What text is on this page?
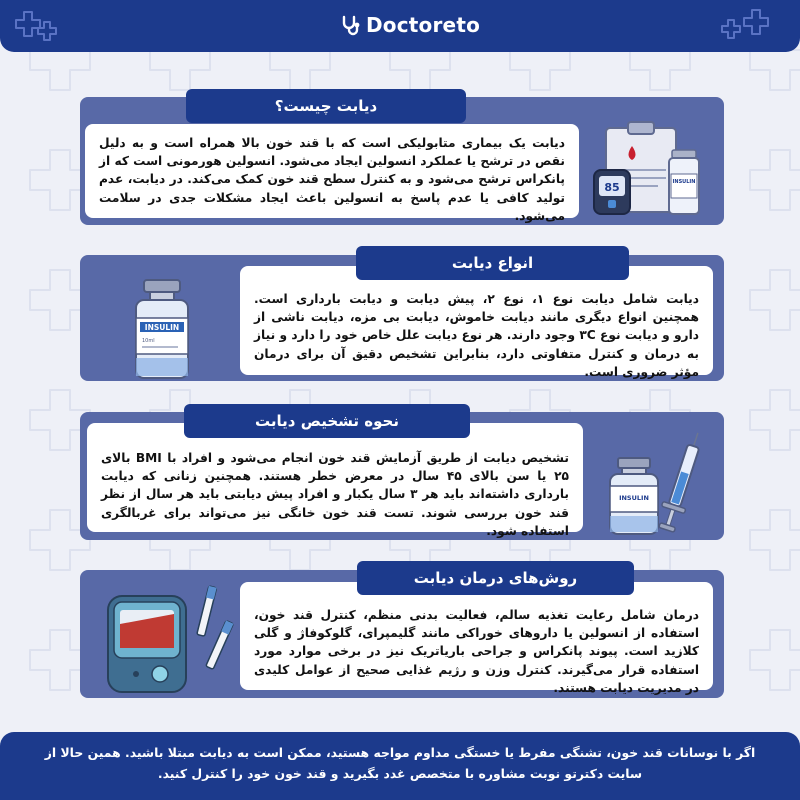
Doctoreto
دیابت یک بیماری متابولیکی است که با قند خون بالا همراه است و به دلیل نقص در ترشح یا عملکرد انسولین ایجاد می‌شود. انسولین هورمونی است که از پانکراس ترشح می‌شود و به کنترل سطح قند خون کمک می‌کند. در دیابت، عدم تولید کافی یا عدم پاسخ به انسولین باعث ایجاد مشکلات جدی در سلامت می‌شود.
دیابت چیست؟
INSULIN
85
دیابت شامل دیابت نوع ۱، نوع ۲، پیش دیابت و دیابت بارداری است. همچنین انواع دیگری مانند دیابت خاموش، دیابت بی مزه، دیابت ناشی از دارو و دیابت نوع ۳C وجود دارند. هر نوع دیابت علل خاص خود را دارد و نیاز به درمان و کنترل متفاوتی دارد، بنابراین تشخیص دقیق آن برای درمان مؤثر ضروری است.
انواع دیابت
INSULIN
10ml
تشخیص دیابت از طریق آزمایش قند خون انجام می‌شود و افراد با BMI بالای ۲۵ یا سن بالای ۴۵ سال در معرض خطر هستند. همچنین زنانی که دیابت بارداری داشته‌اند باید هر ۳ سال یکبار و افراد پیش دیابتی باید هر سال از نظر قند خون بررسی شوند. تست قند خون خانگی نیز می‌تواند برای غربالگری استفاده شود.
نحوه تشخیص دیابت
INSULIN
درمان شامل رعایت تغذیه سالم، فعالیت بدنی منظم، کنترل قند خون، استفاده از انسولین یا داروهای خوراکی مانند گلیمپرای، گلوکوفاژ و گلی کلازید است. پیوند پانکراس و جراحی باریاتریک نیز در برخی موارد مورد استفاده قرار می‌گیرند. کنترل وزن و رژیم غذایی صحیح از عوامل کلیدی در مدیریت دیابت هستند.
روش‌های درمان دیابت
اگر با نوسانات قند خون، تشنگی مفرط یا خستگی مداوم مواجه هستید، ممکن است به دیابت مبتلا باشید. همین حالا از سایت دکترتو نوبت مشاوره با متخصص غدد بگیرید و قند خون خود را کنترل کنید.
